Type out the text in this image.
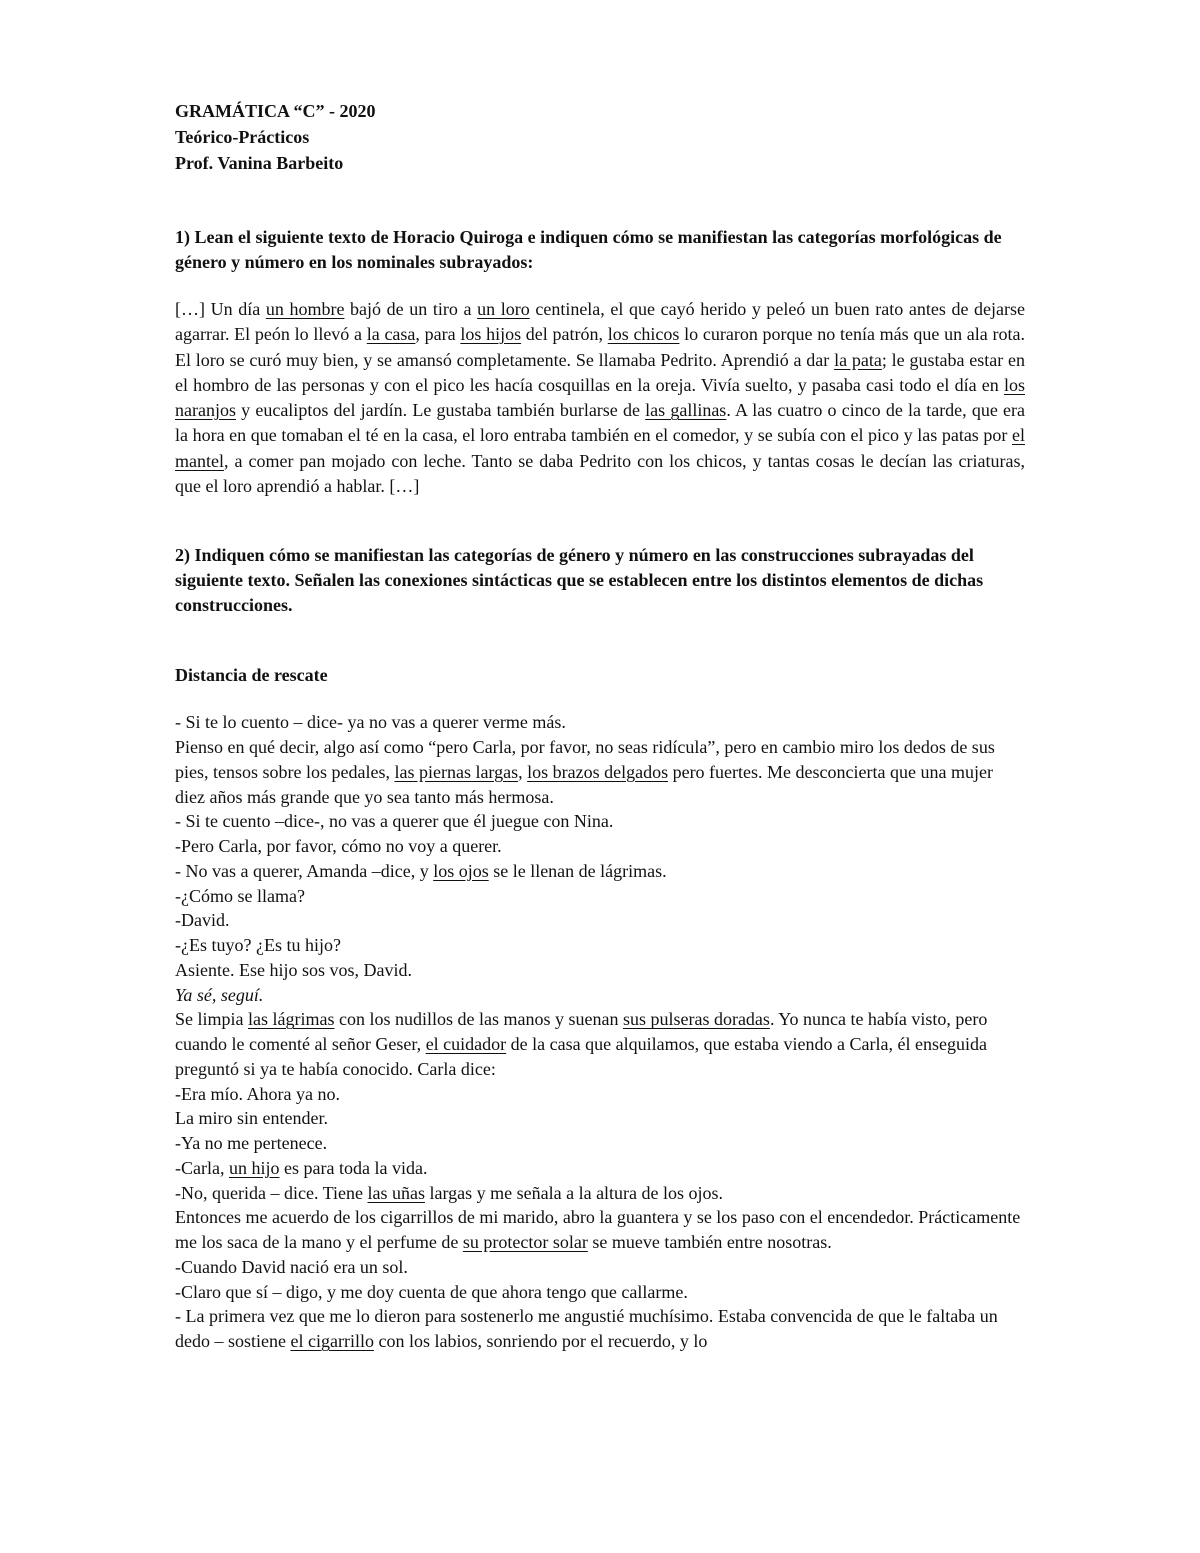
GRAMÁTICA “C” - 2020

Teórico-Prácticos

Prof. Vanina Barbeito

1) Lean el siguiente texto de Horacio Quiroga e indiquen cómo se manifiestan las categorías morfológicas de género y número en los nominales subrayados:

[…] Un día un hombre bajó de un tiro a un loro centinela, el que cayó herido y peleó un buen rato antes de dejarse agarrar. El peón lo llevó a la casa, para los hijos del patrón, los chicos lo curaron porque no tenía más que un ala rota. El loro se curó muy bien, y se amansó completamente. Se llamaba Pedrito. Aprendió a dar la pata; le gustaba estar en el hombro de las personas y con el pico les hacía cosquillas en la oreja. Vivía suelto, y pasaba casi todo el día en los naranjos y eucaliptos del jardín. Le gustaba también burlarse de las gallinas. A las cuatro o cinco de la tarde, que era la hora en que tomaban el té en la casa, el loro entraba también en el comedor, y se subía con el pico y las patas por el mantel, a comer pan mojado con leche. Tanto se daba Pedrito con los chicos, y tantas cosas le decían las criaturas, que el loro aprendió a hablar. […]

2) Indiquen cómo se manifiestan las categorías de género y número en las construcciones subrayadas del siguiente texto. Señalen las conexiones sintácticas que se establecen entre los distintos elementos de dichas construcciones.

Distancia de rescate

- Si te lo cuento – dice- ya no vas a querer verme más.

Pienso en qué decir, algo así como “pero Carla, por favor, no seas ridícula”, pero en cambio miro los dedos de sus pies, tensos sobre los pedales, las piernas largas, los brazos delgados pero fuertes. Me desconcierta que una mujer diez años más grande que yo sea tanto más hermosa.

- Si te cuento –dice-, no vas a querer que él juegue con Nina.

-Pero Carla, por favor, cómo no voy a querer.

- No vas a querer, Amanda –dice, y los ojos se le llenan de lágrimas.

-¿Cómo se llama?

-David.

-¿Es tuyo? ¿Es tu hijo?

Asiente. Ese hijo sos vos, David.

Ya sé, seguí.

Se limpia las lágrimas con los nudillos de las manos y suenan sus pulseras doradas. Yo nunca te había visto, pero cuando le comenté al señor Geser, el cuidador de la casa que alquilamos, que estaba viendo a Carla, él enseguida preguntó si ya te había conocido. Carla dice:

-Era mío. Ahora ya no.

La miro sin entender.

-Ya no me pertenece.

-Carla, un hijo es para toda la vida.

-No, querida – dice. Tiene las uñas largas y me señala a la altura de los ojos.

Entonces me acuerdo de los cigarrillos de mi marido, abro la guantera y se los paso con el encendedor. Prácticamente me los saca de la mano y el perfume de su protector solar se mueve también entre nosotras.

-Cuando David nació era un sol.

-Claro que sí – digo, y me doy cuenta de que ahora tengo que callarme.

- La primera vez que me lo dieron para sostenerlo me angustié muchísimo. Estaba convencida de que le faltaba un dedo – sostiene el cigarrillo con los labios, sonriendo por el recuerdo, y lo
